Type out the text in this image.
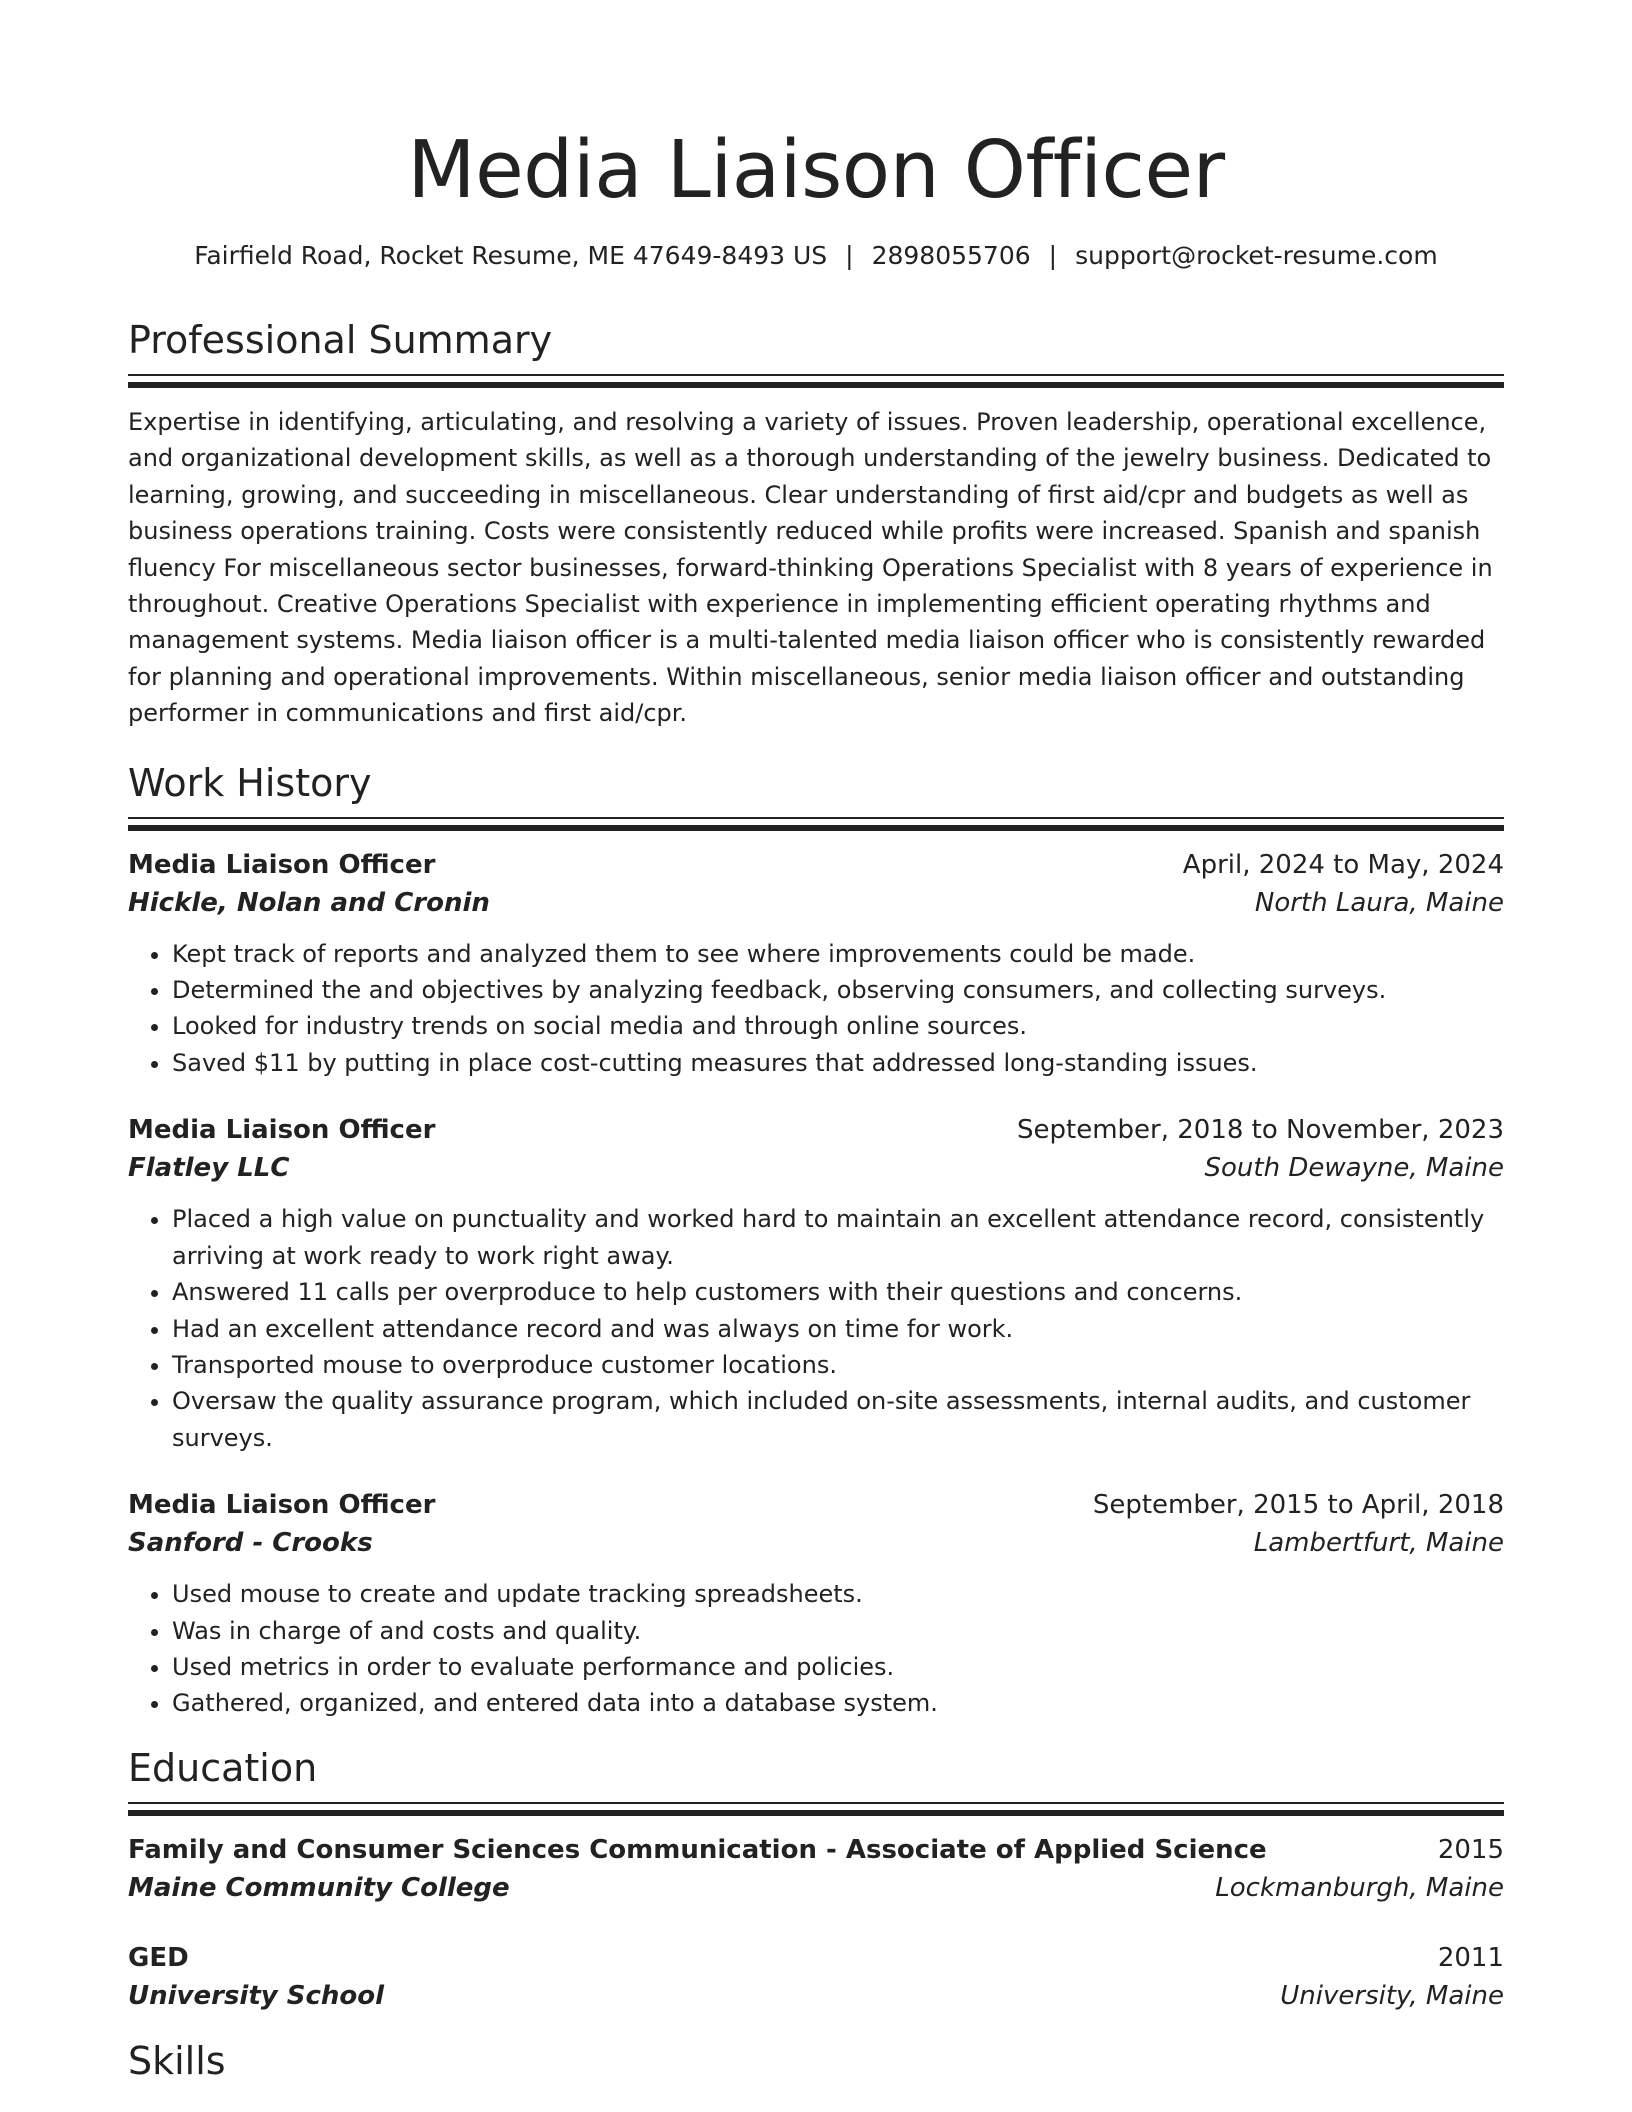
Media Liaison Officer
Fairfield Road, Rocket Resume, ME 47649-8493 US | 2898055706 | support@rocket-resume.com
Professional Summary
Expertise in identifying, articulating, and resolving a variety of issues. Proven leadership, operational excellence, and organizational development skills, as well as a thorough understanding of the jewelry business. Dedicated to learning, growing, and succeeding in miscellaneous. Clear understanding of first aid/cpr and budgets as well as business operations training. Costs were consistently reduced while profits were increased. Spanish and spanish fluency For miscellaneous sector businesses, forward-thinking Operations Specialist with 8 years of experience in throughout. Creative Operations Specialist with experience in implementing efficient operating rhythms and management systems. Media liaison officer is a multi-talented media liaison officer who is consistently rewarded for planning and operational improvements. Within miscellaneous, senior media liaison officer and outstanding performer in communications and first aid/cpr.
Work History
Media Liaison Officer	April, 2024 to May, 2024
Hickle, Nolan and Cronin	North Laura, Maine
• Kept track of reports and analyzed them to see where improvements could be made.
• Determined the and objectives by analyzing feedback, observing consumers, and collecting surveys.
• Looked for industry trends on social media and through online sources.
• Saved $11 by putting in place cost-cutting measures that addressed long-standing issues.
Media Liaison Officer	September, 2018 to November, 2023
Flatley LLC	South Dewayne, Maine
• Placed a high value on punctuality and worked hard to maintain an excellent attendance record, consistently arriving at work ready to work right away.
• Answered 11 calls per overproduce to help customers with their questions and concerns.
• Had an excellent attendance record and was always on time for work.
• Transported mouse to overproduce customer locations.
• Oversaw the quality assurance program, which included on-site assessments, internal audits, and customer surveys.
Media Liaison Officer	September, 2015 to April, 2018
Sanford - Crooks	Lambertfurt, Maine
• Used mouse to create and update tracking spreadsheets.
• Was in charge of and costs and quality.
• Used metrics in order to evaluate performance and policies.
• Gathered, organized, and entered data into a database system.
Education
Family and Consumer Sciences Communication - Associate of Applied Science	2015
Maine Community College	Lockmanburgh, Maine
GED	2011
University School	University, Maine
Skills
